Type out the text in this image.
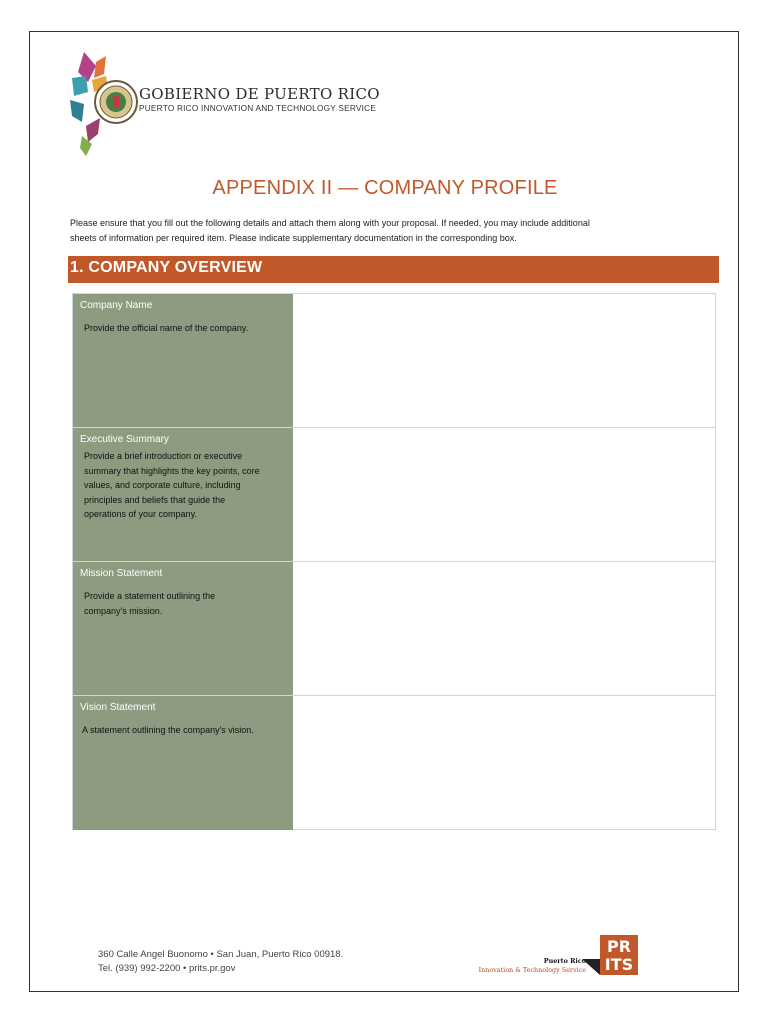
GOBIERNO DE PUERTO RICO
PUERTO RICO INNOVATION AND TECHNOLOGY SERVICE
APPENDIX II — COMPANY PROFILE
Please ensure that you fill out the following details and attach them along with your proposal. If needed, you may include additional
sheets of information per required item. Please indicate supplementary documentation in the corresponding box.
1. COMPANY OVERVIEW
Company Name
Provide the official name of the company.
Executive Summary
Provide a brief introduction or executive summary that highlights the key points, core values, and corporate culture, including principles and beliefs that guide the operations of your company.
Mission Statement
Provide a statement outlining the company's mission.
Vision Statement
A statement outlining the company's vision.
360 Calle Angel Buonomo • San Juan, Puerto Rico 00918.
Tel. (939) 992-2200 • prits.pr.gov
Puerto Rico
Innovation & Technology Service
PR
ITS
